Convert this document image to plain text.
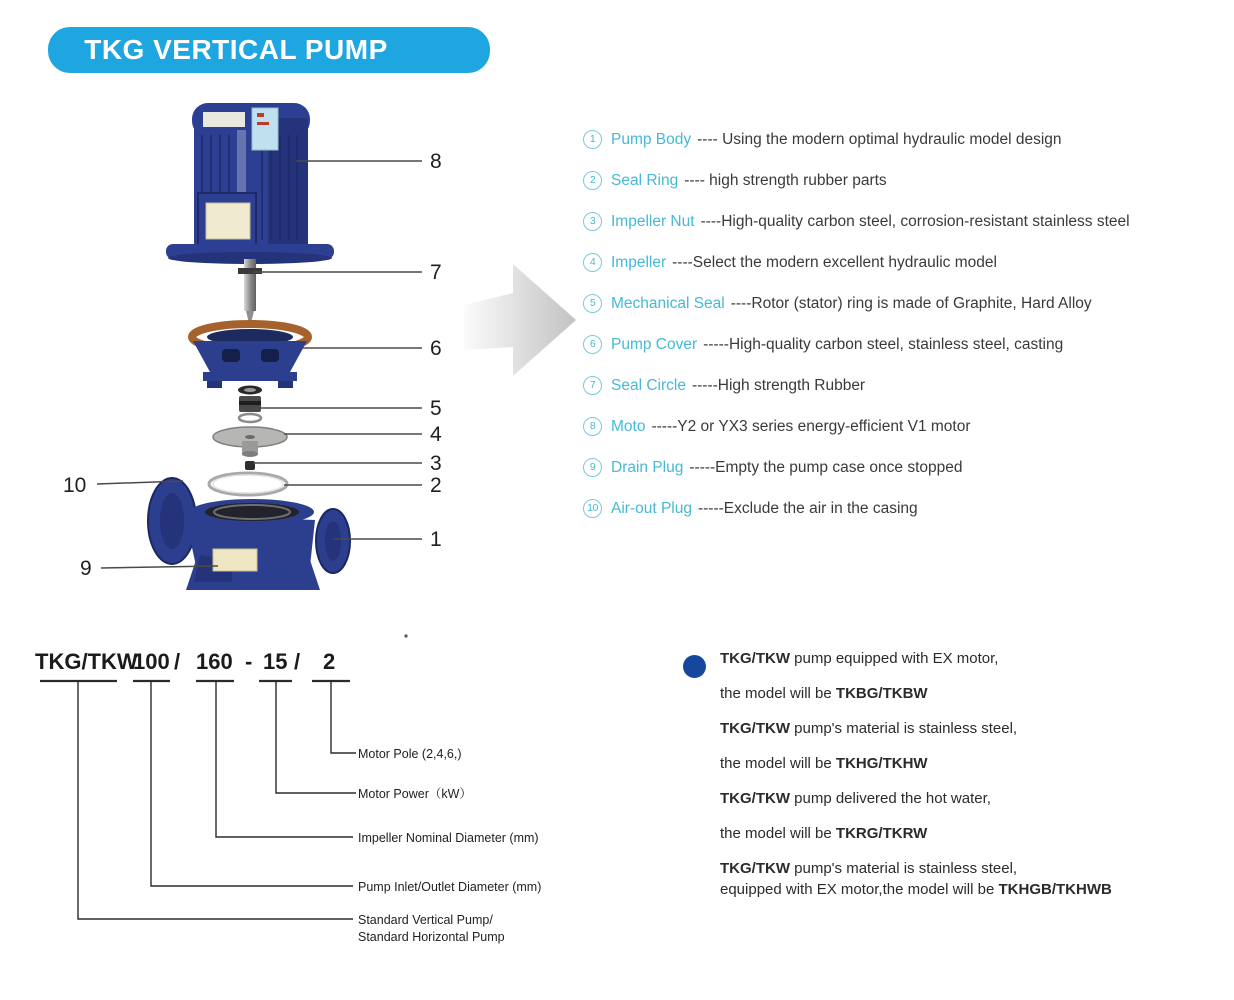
TKG VERTICAL PUMP
8
7
6
5
4
3
2
1
10
9
1	Pump Body ---- Using the modern optimal hydraulic model design
2	Seal Ring ---- high strength rubber parts
3	Impeller Nut ----High-quality carbon steel, corrosion-resistant stainless steel
4	Impeller ----Select the modern excellent hydraulic model
5	Mechanical Seal ----Rotor (stator) ring is made of Graphite, Hard Alloy
6	Pump Cover -----High-quality carbon steel, stainless steel, casting
7	Seal Circle -----High strength Rubber
8	Moto -----Y2 or YX3 series energy-efficient V1 motor
9	Drain Plug -----Empty the pump case once stopped
10 Air-out Plug -----Exclude the air in the casing
TKG/TKW
100 / 160 - 15 / 2
Motor Pole (2,4,6,)
Motor Power（kW）
Impeller Nominal Diameter (mm)
Pump Inlet/Outlet Diameter (mm)
Standard Vertical Pump/
Standard Horizontal Pump
TKG/TKW pump equipped with EX motor,
the model will be TKBG/TKBW
TKG/TKW pump's material is stainless steel,
the model will be TKHG/TKHW
TKG/TKW pump delivered the hot water,
the model will be TKRG/TKRW
TKG/TKW pump's material is stainless steel,
equipped with EX motor,the model will be TKHGB/TKHWB
